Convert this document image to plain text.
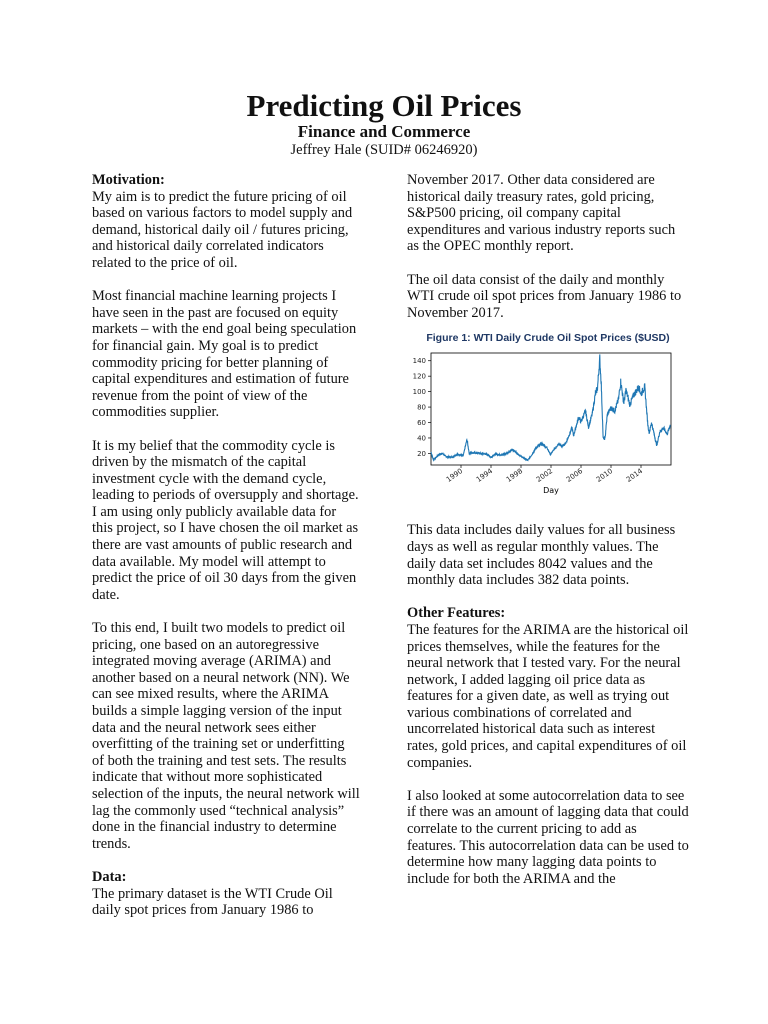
Predicting Oil Prices
Finance and Commerce
Jeffrey Hale (SUID# 06246920)
Motivation:

My aim is to predict the future pricing of oil based on various factors to model supply and demand, historical daily oil / futures pricing, and historical daily correlated indicators related to the price of oil.

Most financial machine learning projects I have seen in the past are focused on equity markets – with the end goal being speculation for financial gain. My goal is to predict commodity pricing for better planning of capital expenditures and estimation of future revenue from the point of view of the commodities supplier.

It is my belief that the commodity cycle is driven by the mismatch of the capital investment cycle with the demand cycle, leading to periods of oversupply and shortage. I am using only publicly available data for this project, so I have chosen the oil market as there are vast amounts of public research and data available. My model will attempt to predict the price of oil 30 days from the given date.

To this end, I built two models to predict oil pricing, one based on an autoregressive integrated moving average (ARIMA) and another based on a neural network (NN). We can see mixed results, where the ARIMA builds a simple lagging version of the input data and the neural network sees either overfitting of the training set or underfitting of both the training and test sets. The results indicate that without more sophisticated selection of the inputs, the neural network will lag the commonly used “technical analysis” done in the financial industry to determine trends.

Data:

The primary dataset is the WTI Crude Oil daily spot prices from January 1986 to

November 2017. Other data considered are historical daily treasury rates, gold pricing, S&P500 pricing, oil company capital expenditures and various industry reports such as the OPEC monthly report.

The oil data consist of the daily and monthly WTI crude oil spot prices from January 1986 to November 2017.

Figure 1: WTI Daily Crude Oil Spot Prices ($USD)
20
40
60
80
100
120
140
1990 1994 1998 2002 2006 2010 2014
Day

This data includes daily values for all business days as well as regular monthly values. The daily data set includes 8042 values and the monthly data includes 382 data points.

Other Features:

The features for the ARIMA are the historical oil prices themselves, while the features for the neural network that I tested vary. For the neural network, I added lagging oil price data as features for a given date, as well as trying out various combinations of correlated and uncorrelated historical data such as interest rates, gold prices, and capital expenditures of oil companies.

I also looked at some autocorrelation data to see if there was an amount of lagging data that could correlate to the current pricing to add as features. This autocorrelation data can be used to determine how many lagging data points to include for both the ARIMA and the
